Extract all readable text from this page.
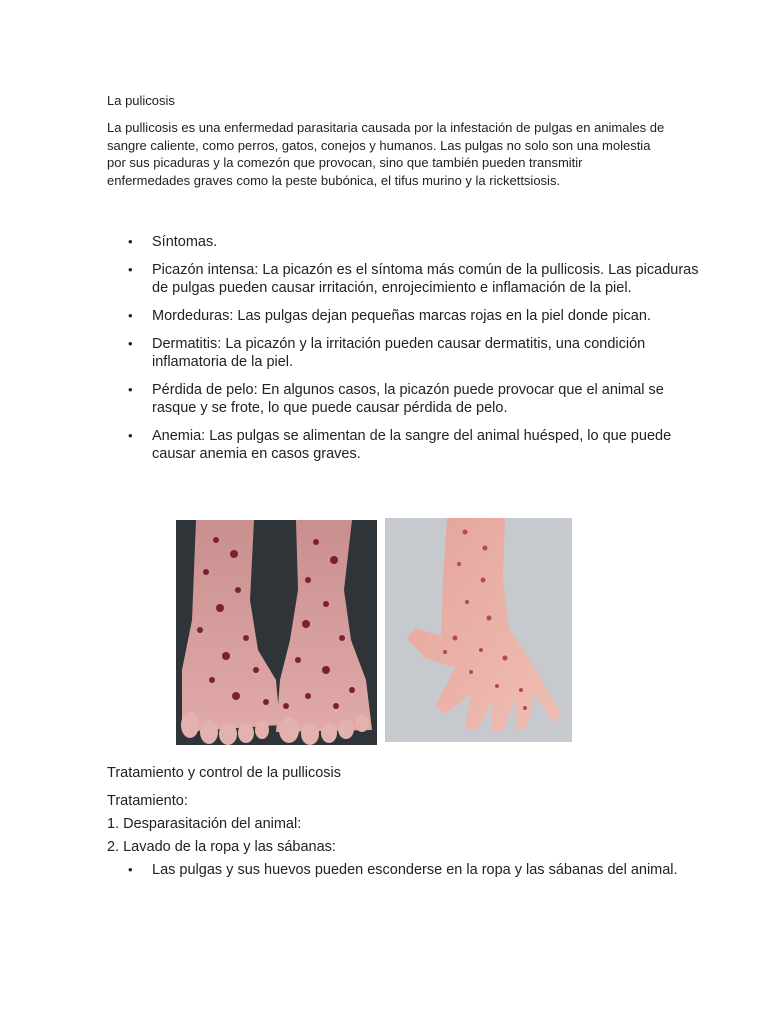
La pulicosis
La pullicosis es una enfermedad parasitaria causada por la infestación de pulgas en animales de sangre caliente, como perros, gatos, conejos y humanos. Las pulgas no solo son una molestia por sus picaduras y la comezón que provocan, sino que también pueden transmitir enfermedades graves como la peste bubónica, el tifus murino y la rickettsiosis.
• Síntomas.
• Picazón intensa: La picazón es el síntoma más común de la pullicosis. Las picaduras de pulgas pueden causar irritación, enrojecimiento e inflamación de la piel.
• Mordeduras: Las pulgas dejan pequeñas marcas rojas en la piel donde pican.
• Dermatitis: La picazón y la irritación pueden causar dermatitis, una condición inflamatoria de la piel.
• Pérdida de pelo: En algunos casos, la picazón puede provocar que el animal se rasque y se frote, lo que puede causar pérdida de pelo.
• Anemia: Las pulgas se alimentan de la sangre del animal huésped, lo que puede causar anemia en casos graves.
Tratamiento y control de la pullicosis
Tratamiento:
1. Desparasitación del animal:
2. Lavado de la ropa y las sábanas:
• Las pulgas y sus huevos pueden esconderse en la ropa y las sábanas del animal.
